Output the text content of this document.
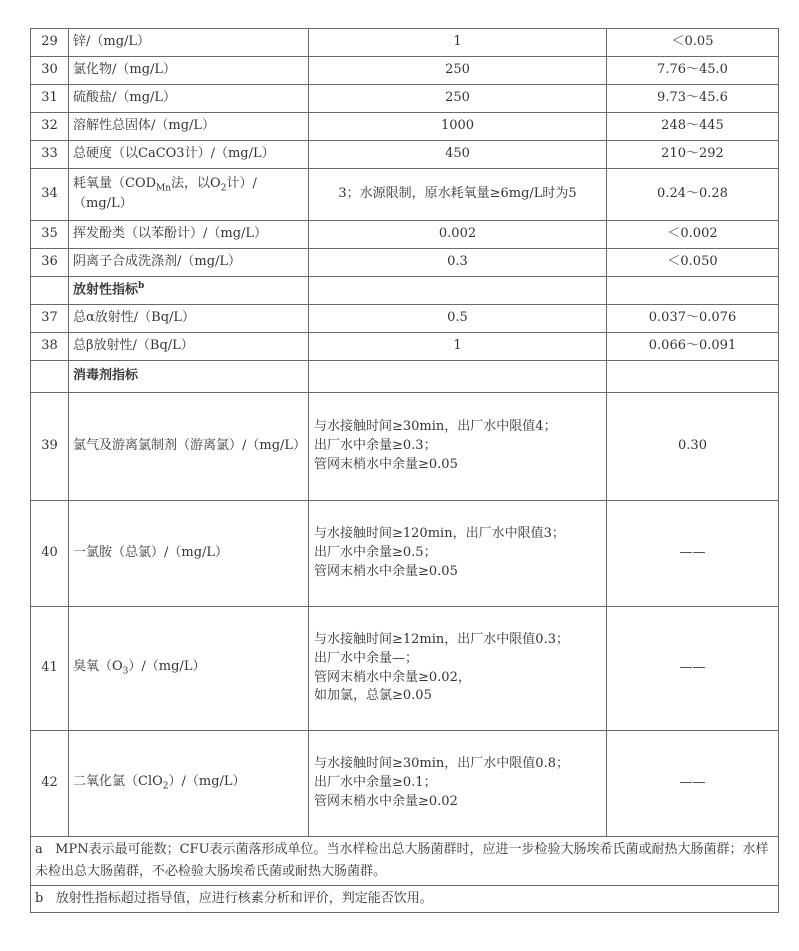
29	锌/（mg/L）	1	＜0.05
30	氯化物/（mg/L）	250	7.76～45.0
31	硫酸盐/（mg/L）	250	9.73～45.6
32	溶解性总固体/（mg/L）	1000	248～445
33	总硬度（以CaCO3计）/（mg/L）	450	210～292
34	耗氧量（$COD_{Mn}$法，以$O_2$计）/（mg/L）	3；水源限制，原水耗氧量≥6mg/L时为5	0.24～0.28
35	挥发酚类（以苯酚计）/（mg/L）	0.002	＜0.002
36	阴离子合成洗涤剂/（mg/L）	0.3	＜0.050
	放射性指标$^b$		
37	总α放射性/（Bq/L）	0.5	0.037～0.076
38	总β放射性/（Bq/L）	1	0.066～0.091
	消毒剂指标		
39	氯气及游离氯制剂（游离氯）/（mg/L）	与水接触时间≥30min，出厂水中限值4；
出厂水中余量≥0.3；
管网末梢水中余量≥0.05	0.30
40	一氯胺（总氯）/（mg/L）	与水接触时间≥120min，出厂水中限值3；
出厂水中余量≥0.5；
管网末梢水中余量≥0.05	——
41	臭氧$(O_3)/(mg/L)$	与水接触时间≥12min，出厂水中限值0.3；
出厂水中余量—；
管网末梢水中余量≥0.02，
如加氯，总氯≥0.05	——
42	二氧化氯（ClO$_2$）/（mg/L）	与水接触时间≥30min，出厂水中限值0.8；
出厂水中余量≥0.1；
管网末梢水中余量≥0.02	——
a MPN表示最可能数；CFU表示菌落形成单位。当水样检出总大肠菌群时，应进一步检验大肠埃希氏菌或耐热大肠菌群；水样未检出总大肠菌群，不必检验大肠埃希氏菌或耐热大肠菌群。			
b 放射性指标超过指导值，应进行核素分析和评价，判定能否饮用。			
